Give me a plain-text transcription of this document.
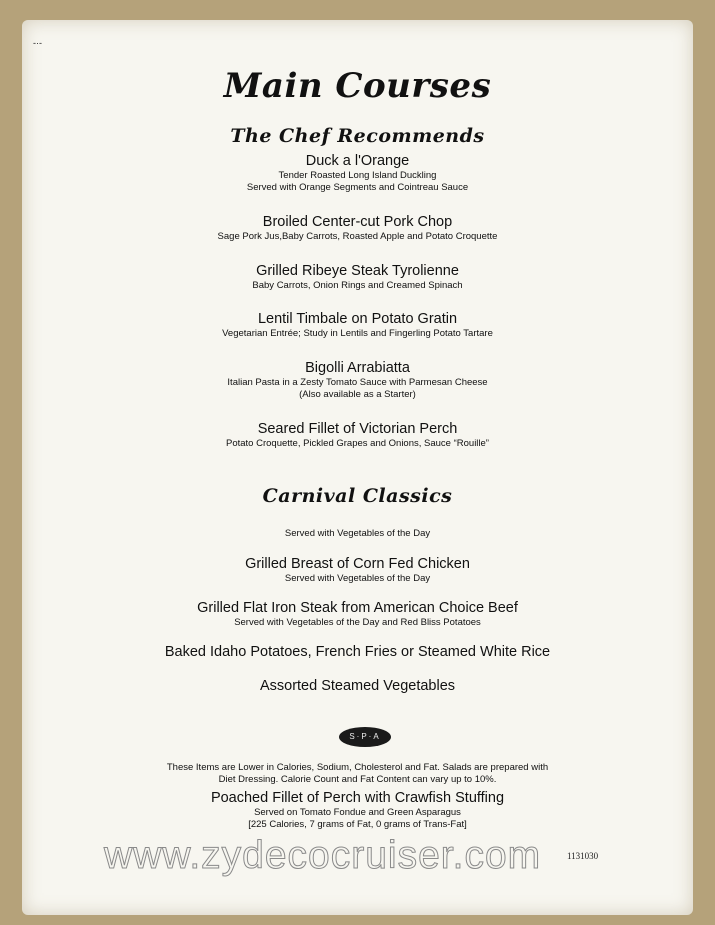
-·-
Main Courses
The Chef Recommends
Duck a l'Orange
Tender Roasted Long Island Duckling
Served with Orange Segments and Cointreau Sauce
Broiled Center-cut Pork Chop
Sage Pork Jus,Baby Carrots, Roasted Apple and Potato Croquette
Grilled Ribeye Steak Tyrolienne
Baby Carrots, Onion Rings and Creamed Spinach
Lentil Timbale on Potato Gratin
Vegetarian Entrée; Study in Lentils and Fingerling Potato Tartare
Bigolli Arrabiatta
Italian Pasta in a Zesty Tomato Sauce with Parmesan Cheese
(Also available as a Starter)
Seared Fillet of Victorian Perch
Potato Croquette, Pickled Grapes and Onions, Sauce “Rouille”
Carnival Classics
Served with Vegetables of the Day
Grilled Breast of Corn Fed Chicken
Served with Vegetables of the Day
Grilled Flat Iron Steak from American Choice Beef
Served with Vegetables of the Day and Red Bliss Potatoes
Baked Idaho Potatoes, French Fries or Steamed White Rice
Assorted Steamed Vegetables
S·P·A
These Items are Lower in Calories, Sodium, Cholesterol and Fat. Salads are prepared with
Diet Dressing. Calorie Count and Fat Content can vary up to 10%.
Poached Fillet of Perch with Crawfish Stuffing
Served on Tomato Fondue and Green Asparagus
[225 Calories, 7 grams of Fat, 0 grams of Trans-Fat]
www.zydecocruiser.com	1131030
